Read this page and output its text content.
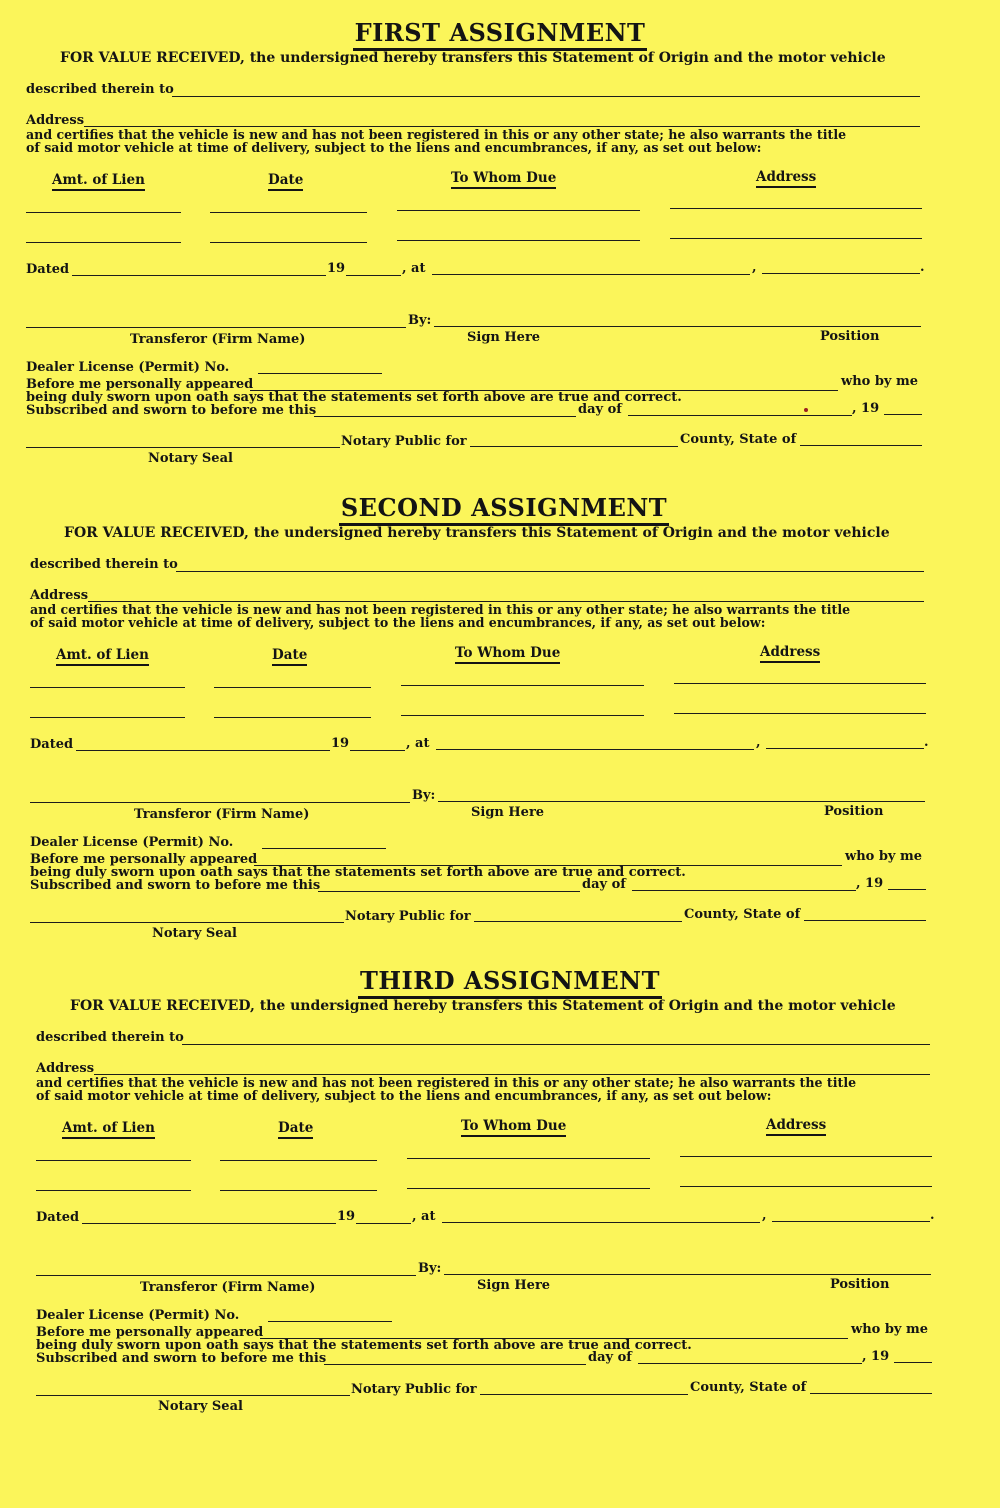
FIRST ASSIGNMENT
FOR VALUE RECEIVED, the undersigned hereby transfers this Statement of Origin and the motor vehicle
described therein to
Address
and certifies that the vehicle is new and has not been registered in this or any other state; he also warrants the title
of said motor vehicle at time of delivery, subject to the liens and encumbrances, if any, as set out below:
Amt. of Lien	Date	To Whom Due	Address
Dated	19	, at	,	.
By:
Transferor (Firm Name)	Sign Here	Position
Dealer License (Permit) No.
Before me personally appeared	who by me
being duly sworn upon oath says that the statements set forth above are true and correct.
Subscribed and sworn to before me this	day of	, 19
Notary Public for	County, State of
Notary Seal
SECOND ASSIGNMENT
FOR VALUE RECEIVED, the undersigned hereby transfers this Statement of Origin and the motor vehicle
described therein to
Address
and certifies that the vehicle is new and has not been registered in this or any other state; he also warrants the title
of said motor vehicle at time of delivery, subject to the liens and encumbrances, if any, as set out below:
Amt. of Lien	Date	To Whom Due	Address
Dated	19	, at	,	.
By:
Transferor (Firm Name)	Sign Here	Position
Dealer License (Permit) No.
Before me personally appeared	who by me
being duly sworn upon oath says that the statements set forth above are true and correct.
Subscribed and sworn to before me this	day of	, 19
Notary Public for	County, State of
Notary Seal
THIRD ASSIGNMENT
FOR VALUE RECEIVED, the undersigned hereby transfers this Statement of Origin and the motor vehicle
described therein to
Address
and certifies that the vehicle is new and has not been registered in this or any other state; he also warrants the title
of said motor vehicle at time of delivery, subject to the liens and encumbrances, if any, as set out below:
Amt. of Lien	Date	To Whom Due	Address
Dated	19	, at	,	.
By:
Transferor (Firm Name)	Sign Here	Position
Dealer License (Permit) No.
Before me personally appeared	who by me
being duly sworn upon oath says that the statements set forth above are true and correct.
Subscribed and sworn to before me this	day of	, 19
Notary Public for	County, State of
Notary Seal
